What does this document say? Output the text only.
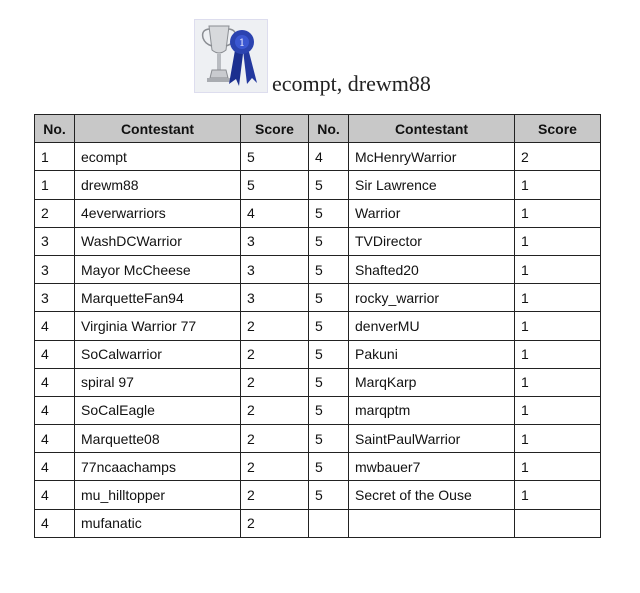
1
ecompt, drewm88
No.	Contestant	Score	No.	Contestant	Score
1	ecompt	5	4	McHenryWarrior	2
1	drewm88	5	5	Sir Lawrence	1
2	4everwarriors	4	5	Warrior	1
3	WashDCWarrior	3	5	TVDirector	1
3	Mayor McCheese	3	5	Shafted20	1
3	MarquetteFan94	3	5	rocky_warrior	1
4	Virginia Warrior 77	2	5	denverMU	1
4	SoCalwarrior	2	5	Pakuni	1
4	spiral 97	2	5	MarqKarp	1
4	SoCalEagle	2	5	marqptm	1
4	Marquette08	2	5	SaintPaulWarrior	1
4	77ncaachamps	2	5	mwbauer7	1
4	mu_hilltopper	2	5	Secret of the Ouse	1
4	mufanatic	2			
